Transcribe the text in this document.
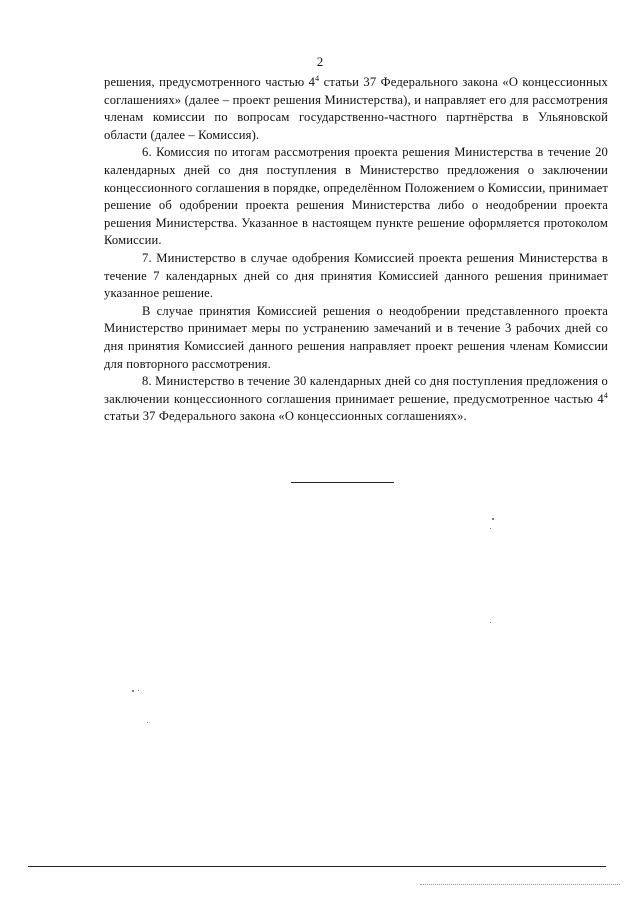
2

решения, предусмотренного частью $4^4$ статьи 37 Федерального закона «О концессионных соглашениях» (далее – проект решения Министерства), и направляет его для рассмотрения членам комиссии по вопросам государственно-частного партнёрства в Ульяновской области (далее – Комиссия).

6. Комиссия по итогам рассмотрения проекта решения Министерства в течение 20 календарных дней со дня поступления в Министерство предложения о заключении концессионного соглашения в порядке, определённом Положением о Комиссии, принимает решение об одобрении проекта решения Министерства либо о неодобрении проекта решения Министерства. Указанное в настоящем пункте решение оформляется протоколом Комиссии.

7. Министерство в случае одобрения Комиссией проекта решения Министерства в течение 7 календарных дней со дня принятия Комиссией данного решения принимает указанное решение.

В случае принятия Комиссией решения о неодобрении представленного проекта Министерство принимает меры по устранению замечаний и в течение 3 рабочих дней со дня принятия Комиссией данного решения направляет проект решения членам Комиссии для повторного рассмотрения.

8. Министерство в течение 30 календарных дней со дня поступления предложения о заключении концессионного соглашения принимает решение, предусмотренное частью $4^4$ статьи 37 Федерального закона «О концессионных соглашениях».
